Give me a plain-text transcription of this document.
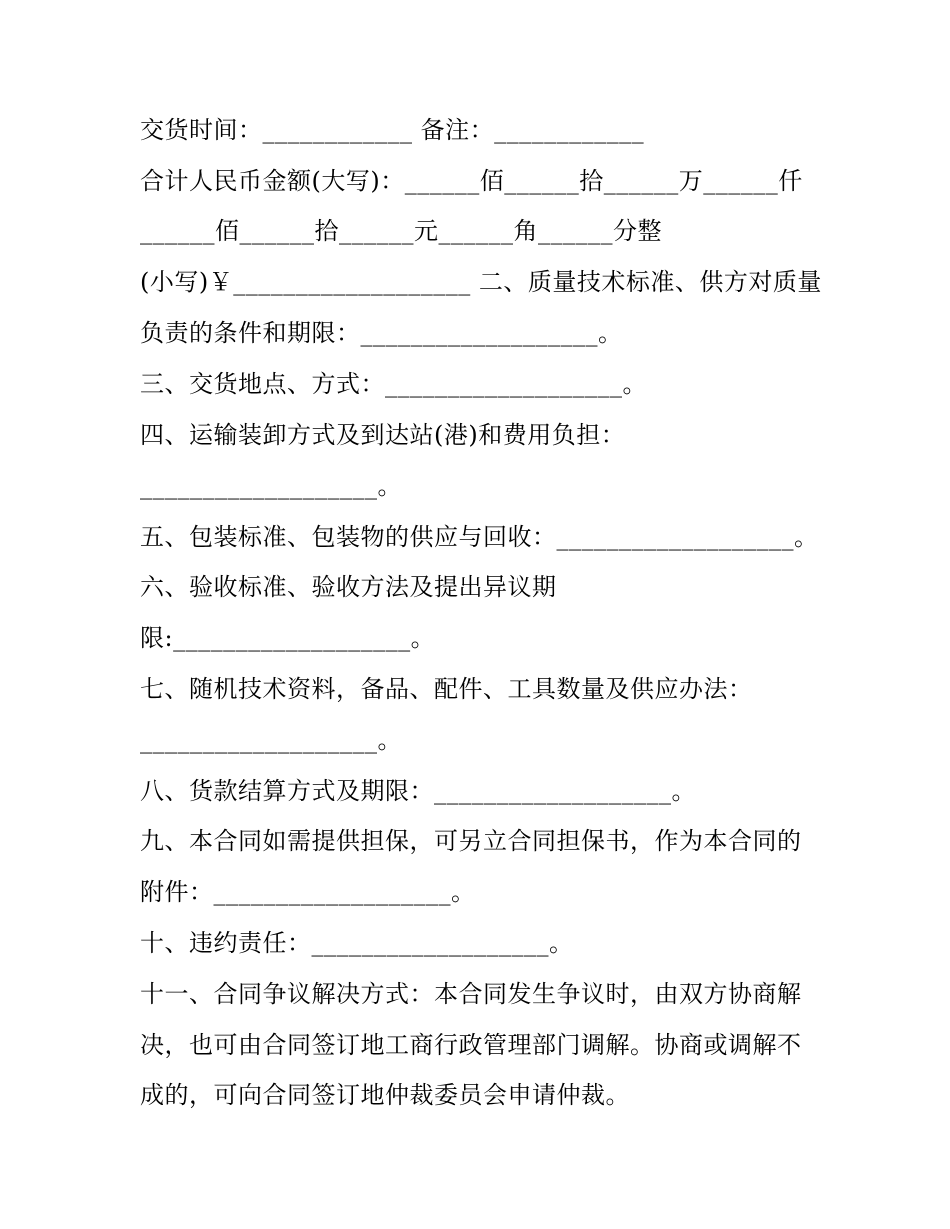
交货时间：____________ 备注：____________
合计人民币金额(大写)：______佰______拾______万______仟
______佰______拾______元______角______分整
(小写)￥___________________ 二、质量技术标准、供方对质量
负责的条件和期限：___________________。
三、交货地点、方式：___________________。
四、运输装卸方式及到达站(港)和费用负担：
___________________。
五、包装标准、包装物的供应与回收：___________________。
六、验收标准、验收方法及提出异议期
限:___________________。
七、随机技术资料，备品、配件、工具数量及供应办法：
___________________。
八、货款结算方式及期限：___________________。
九、本合同如需提供担保，可另立合同担保书，作为本合同的
附件：___________________。
十、违约责任：___________________。
十一、合同争议解决方式：本合同发生争议时，由双方协商解
决，也可由合同签订地工商行政管理部门调解。协商或调解不
成的，可向合同签订地仲裁委员会申请仲裁。
